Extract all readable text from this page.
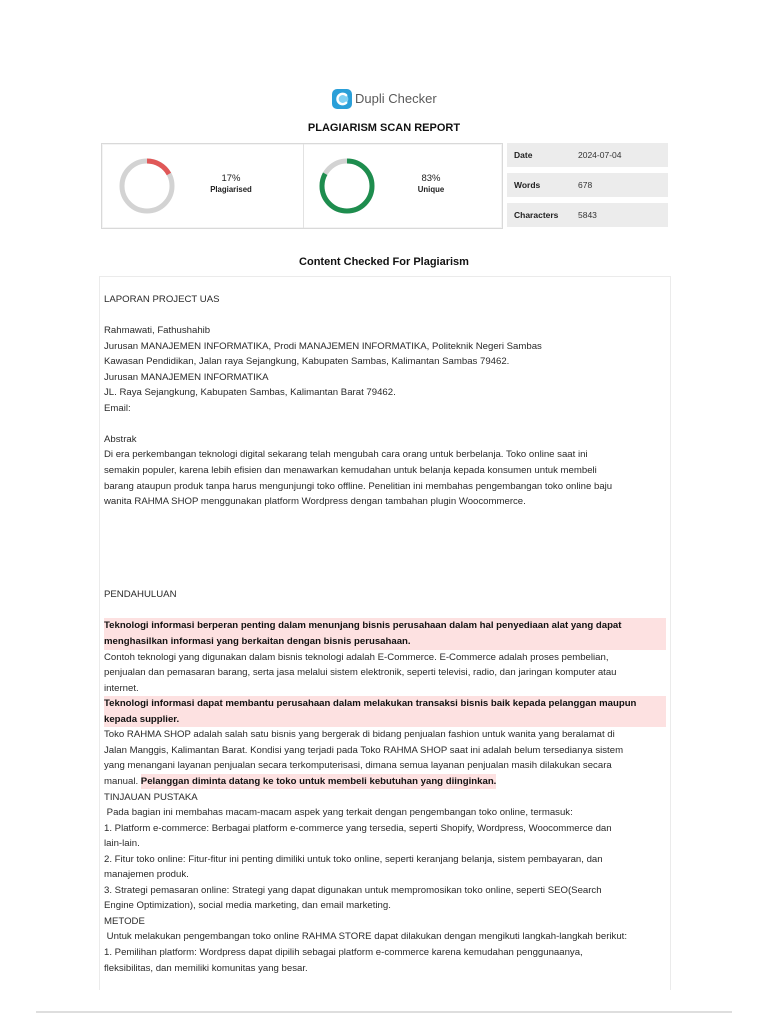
Dupli Checker
PLAGIARISM SCAN REPORT
17%
Plagiarised
83%
Unique
Date	2024-07-04
Words	678
Characters 5843
Content Checked For Plagiarism
LAPORAN PROJECT UAS
Rahmawati, Fathushahib
Jurusan MANAJEMEN INFORMATIKA, Prodi MANAJEMEN INFORMATIKA, Politeknik Negeri Sambas
Kawasan Pendidikan, Jalan raya Sejangkung, Kabupaten Sambas, Kalimantan Sambas 79462.
Jurusan MANAJEMEN INFORMATIKA
JL. Raya Sejangkung, Kabupaten Sambas, Kalimantan Barat 79462.
Email:
Abstrak
Di era perkembangan teknologi digital sekarang telah mengubah cara orang untuk berbelanja. Toko online saat ini
semakin populer, karena lebih efisien dan menawarkan kemudahan untuk belanja kepada konsumen untuk membeli
barang ataupun produk tanpa harus mengunjungi toko offline. Penelitian ini membahas pengembangan toko online baju
wanita RAHMA SHOP menggunakan platform Wordpress dengan tambahan plugin Woocommerce.
PENDAHULUAN
Teknologi informasi berperan penting dalam menunjang bisnis perusahaan dalam hal penyediaan alat yang dapat
menghasilkan informasi yang berkaitan dengan bisnis perusahaan.
Contoh teknologi yang digunakan dalam bisnis teknologi adalah E-Commerce. E-Commerce adalah proses pembelian,
penjualan dan pemasaran barang, serta jasa melalui sistem elektronik, seperti televisi, radio, dan jaringan komputer atau
internet.
Teknologi informasi dapat membantu perusahaan dalam melakukan transaksi bisnis baik kepada pelanggan maupun
kepada supplier.
Toko RAHMA SHOP adalah salah satu bisnis yang bergerak di bidang penjualan fashion untuk wanita yang beralamat di
Jalan Manggis, Kalimantan Barat. Kondisi yang terjadi pada Toko RAHMA SHOP saat ini adalah belum tersedianya sistem
yang menangani layanan penjualan secara terkomputerisasi, dimana semua layanan penjualan masih dilakukan secara
manual. Pelanggan diminta datang ke toko untuk membeli kebutuhan yang diinginkan.
TINJAUAN PUSTAKA
Pada bagian ini membahas macam-macam aspek yang terkait dengan pengembangan toko online, termasuk:
1. Platform e-commerce: Berbagai platform e-commerce yang tersedia, seperti Shopify, Wordpress, Woocommerce dan
lain-lain.
2. Fitur toko online: Fitur-fitur ini penting dimiliki untuk toko online, seperti keranjang belanja, sistem pembayaran, dan
manajemen produk.
3. Strategi pemasaran online: Strategi yang dapat digunakan untuk mempromosikan toko online, seperti SEO(Search
Engine Optimization), social media marketing, dan email marketing.
METODE
Untuk melakukan pengembangan toko online RAHMA STORE dapat dilakukan dengan mengikuti langkah-langkah berikut:
1. Pemilihan platform: Wordpress dapat dipilih sebagai platform e-commerce karena kemudahan penggunaanya,
fleksibilitas, dan memiliki komunitas yang besar.
